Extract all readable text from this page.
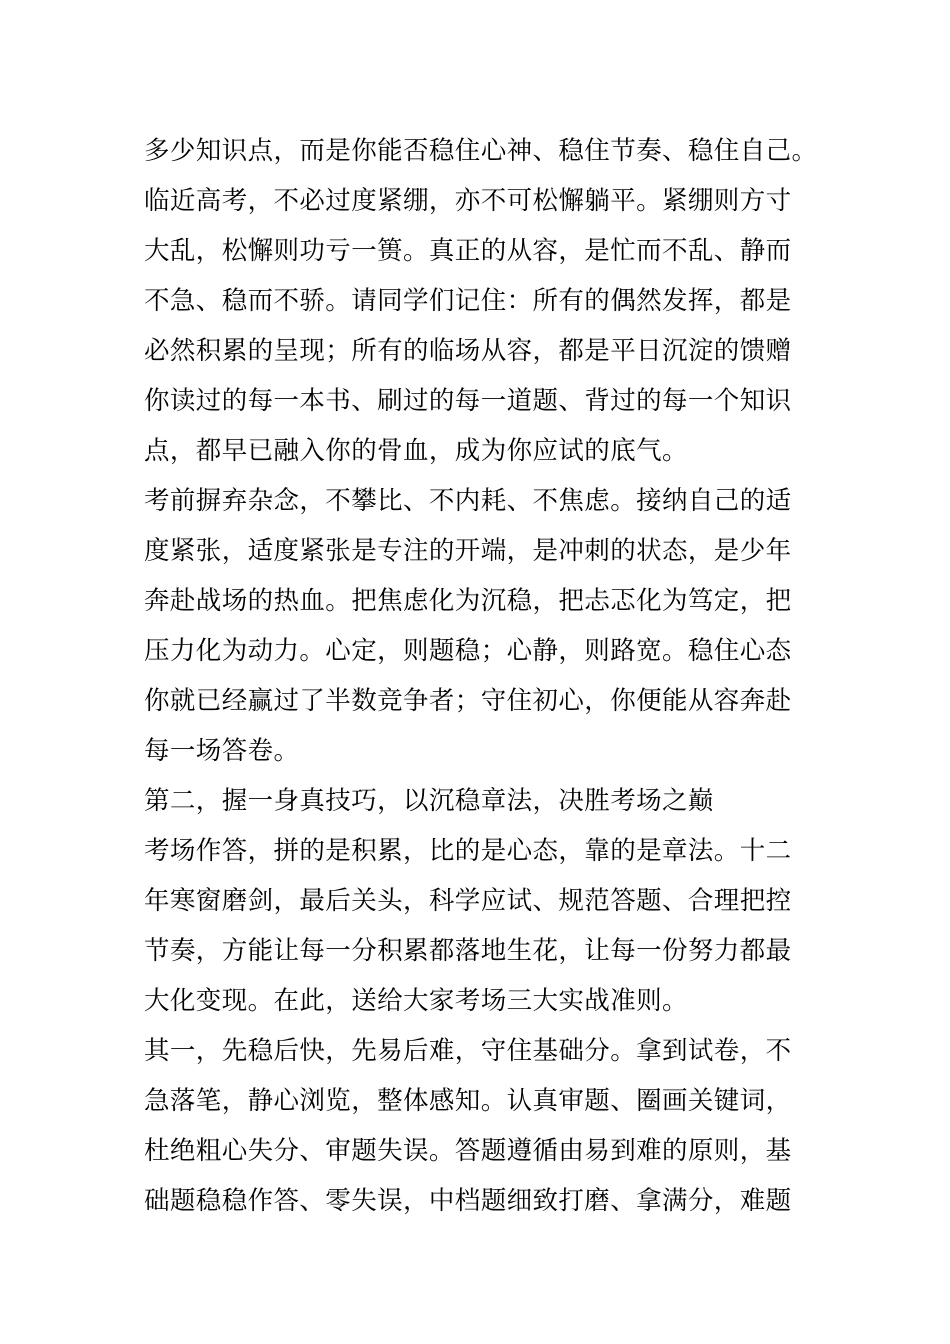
多少知识点，而是你能否稳住心神、稳住节奏、稳住自己。
临近高考，不必过度紧绷，亦不可松懈躺平。紧绷则方寸
大乱，松懈则功亏一篑。真正的从容，是忙而不乱、静而
不急、稳而不骄。请同学们记住：所有的偶然发挥，都是
必然积累的呈现；所有的临场从容，都是平日沉淀的馈赠
你读过的每一本书、刷过的每一道题、背过的每一个知识
点，都早已融入你的骨血，成为你应试的底气。
考前摒弃杂念，不攀比、不内耗、不焦虑。接纳自己的适
度紧张，适度紧张是专注的开端，是冲刺的状态，是少年
奔赴战场的热血。把焦虑化为沉稳，把忐忑化为笃定，把
压力化为动力。心定，则题稳；心静，则路宽。稳住心态
你就已经赢过了半数竞争者；守住初心，你便能从容奔赴
每一场答卷。
第二，握一身真技巧，以沉稳章法，决胜考场之巅
考场作答，拼的是积累，比的是心态，靠的是章法。十二
年寒窗磨剑，最后关头，科学应试、规范答题、合理把控
节奏，方能让每一分积累都落地生花，让每一份努力都最
大化变现。在此，送给大家考场三大实战准则。
其一，先稳后快，先易后难，守住基础分。拿到试卷，不
急落笔，静心浏览，整体感知。认真审题、圈画关键词，
杜绝粗心失分、审题失误。答题遵循由易到难的原则，基
础题稳稳作答、零失误，中档题细致打磨、拿满分，难题
